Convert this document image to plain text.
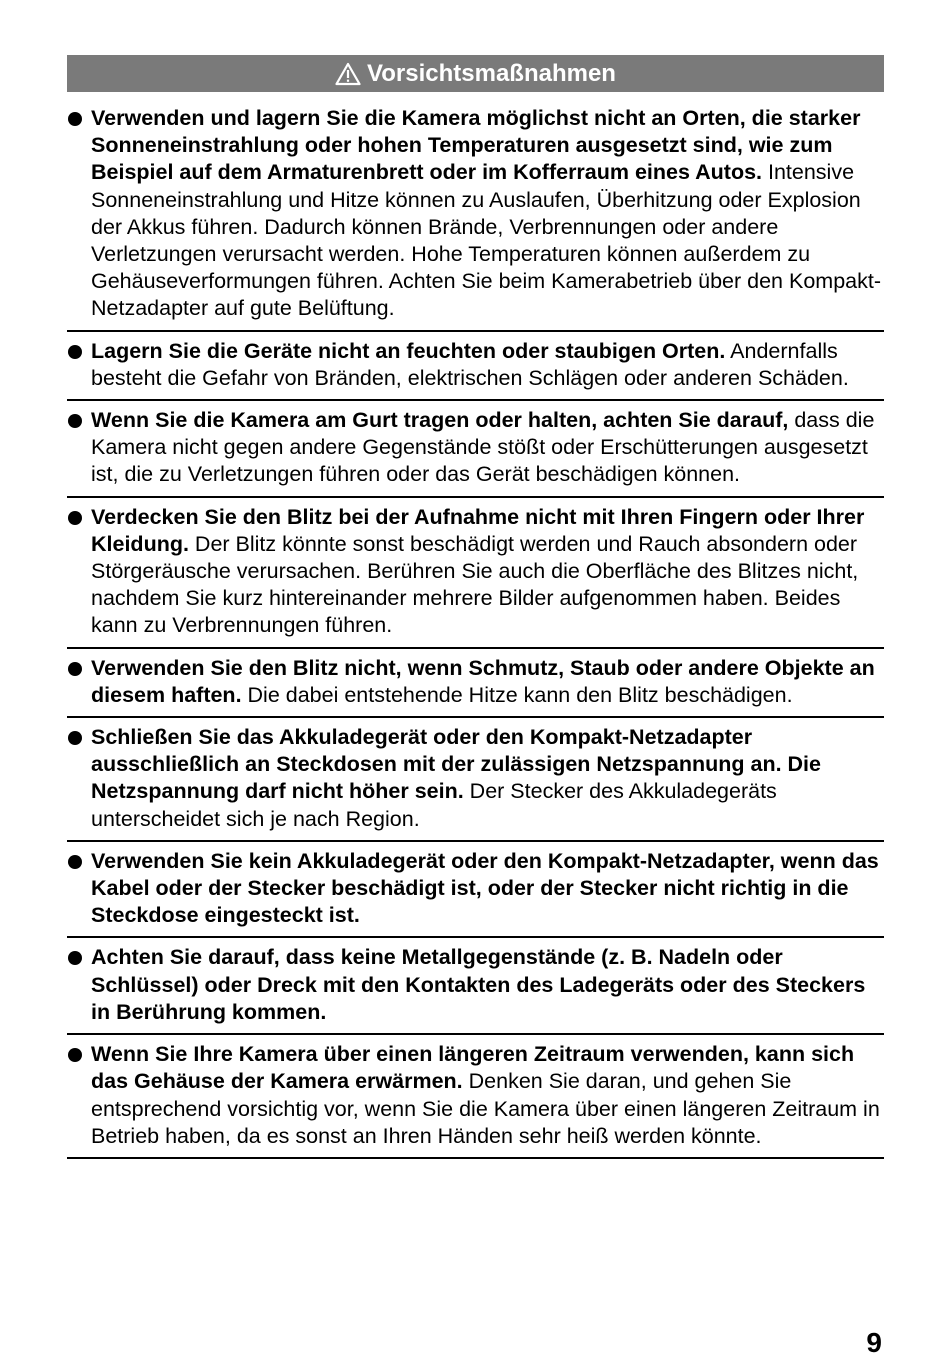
Vorsichtsmaßnahmen
Verwenden und lagern Sie die Kamera möglichst nicht an Orten, die starker Sonneneinstrahlung oder hohen Temperaturen ausgesetzt sind, wie zum Beispiel auf dem Armaturenbrett oder im Kofferraum eines Autos. Intensive Sonneneinstrahlung und Hitze können zu Auslaufen, Überhitzung oder Explosion der Akkus führen. Dadurch können Brände, Verbrennungen oder andere Verletzungen verursacht werden. Hohe Temperaturen können außerdem zu Gehäuseverformungen führen. Achten Sie beim Kamerabetrieb über den Kompakt-Netzadapter auf gute Belüftung.
Lagern Sie die Geräte nicht an feuchten oder staubigen Orten. Andernfalls besteht die Gefahr von Bränden, elektrischen Schlägen oder anderen Schäden.
Wenn Sie die Kamera am Gurt tragen oder halten, achten Sie darauf, dass die Kamera nicht gegen andere Gegenstände stößt oder Erschütterungen ausgesetzt ist, die zu Verletzungen führen oder das Gerät beschädigen können.
Verdecken Sie den Blitz bei der Aufnahme nicht mit Ihren Fingern oder Ihrer Kleidung. Der Blitz könnte sonst beschädigt werden und Rauch absondern oder Störgeräusche verursachen. Berühren Sie auch die Oberfläche des Blitzes nicht, nachdem Sie kurz hintereinander mehrere Bilder aufgenommen haben. Beides kann zu Verbrennungen führen.
Verwenden Sie den Blitz nicht, wenn Schmutz, Staub oder andere Objekte an diesem haften. Die dabei entstehende Hitze kann den Blitz beschädigen.
Schließen Sie das Akkuladegerät oder den Kompakt-Netzadapter ausschließlich an Steckdosen mit der zulässigen Netzspannung an. Die Netzspannung darf nicht höher sein. Der Stecker des Akkuladegeräts unterscheidet sich je nach Region.
Verwenden Sie kein Akkuladegerät oder den Kompakt-Netzadapter, wenn das Kabel oder der Stecker beschädigt ist, oder der Stecker nicht richtig in die Steckdose eingesteckt ist.
Achten Sie darauf, dass keine Metallgegenstände (z. B. Nadeln oder Schlüssel) oder Dreck mit den Kontakten des Ladegeräts oder des Steckers in Berührung kommen.
Wenn Sie Ihre Kamera über einen längeren Zeitraum verwenden, kann sich das Gehäuse der Kamera erwärmen. Denken Sie daran, und gehen Sie entsprechend vorsichtig vor, wenn Sie die Kamera über einen längeren Zeitraum in Betrieb haben, da es sonst an Ihren Händen sehr heiß werden könnte.
9
